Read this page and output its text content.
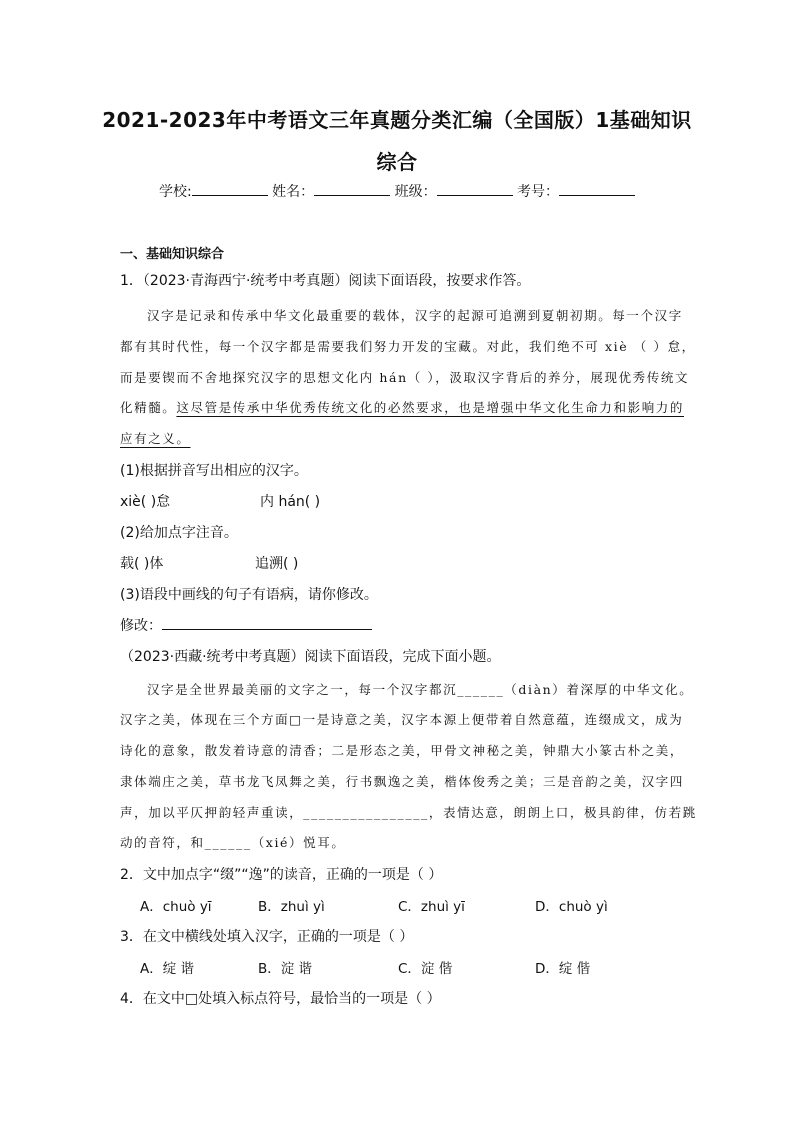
2021-2023年中考语文三年真题分类汇编（全国版）1基础知识
综合
学校:	姓名：	班级：	考号：
一、基础知识综合
1．（2023·青海西宁·统考中考真题）阅读下面语段，按要求作答。
汉字是记录和传承中华文化最重要的载体，汉字的起源可追溯到夏朝初期。每一个汉字
都有其时代性，每一个汉字都是需要我们努力开发的宝藏。对此，我们绝不可 xiè （ ）怠，
而是要锲而不舍地探究汉字的思想文化内 hán（ ），汲取汉字背后的养分，展现优秀传统文
化精髓。这尽管是传承中华优秀传统文化的必然要求，也是增强中华文化生命力和影响力的
应有之义。
(1)根据拼音写出相应的汉字。
xiè( )怠	内 hán( )
(2)给加点字注音。
载( )体	追溯( )
(3)语段中画线的句子有语病，请你修改。
修改：
（2023·西藏·统考中考真题）阅读下面语段，完成下面小题。
汉字是全世界最美丽的文字之一，每一个汉字都沉______（diàn）着深厚的中华文化。
汉字之美，体现在三个方面□一是诗意之美，汉字本源上便带着自然意蕴，连缀成文，成为
诗化的意象，散发着诗意的清香；二是形态之美，甲骨文神秘之美，钟鼎大小篆古朴之美，
隶体端庄之美，草书龙飞凤舞之美，行书飘逸之美，楷体俊秀之美；三是音韵之美，汉字四
声，加以平仄押韵轻声重读，________________，表情达意，朗朗上口，极具韵律，仿若跳
动的音符，和______（xié）悦耳。
2．文中加点字“缀”“逸”的读音，正确的一项是（ ）
A．chuò yī	B．zhuì yì	C．zhuì yī	D．chuò yì
3．在文中横线处填入汉字，正确的一项是（ ）
A．绽 谐	B．淀 谐	C．淀 偕	D．绽 偕
4．在文中□处填入标点符号，最恰当的一项是（ ）
